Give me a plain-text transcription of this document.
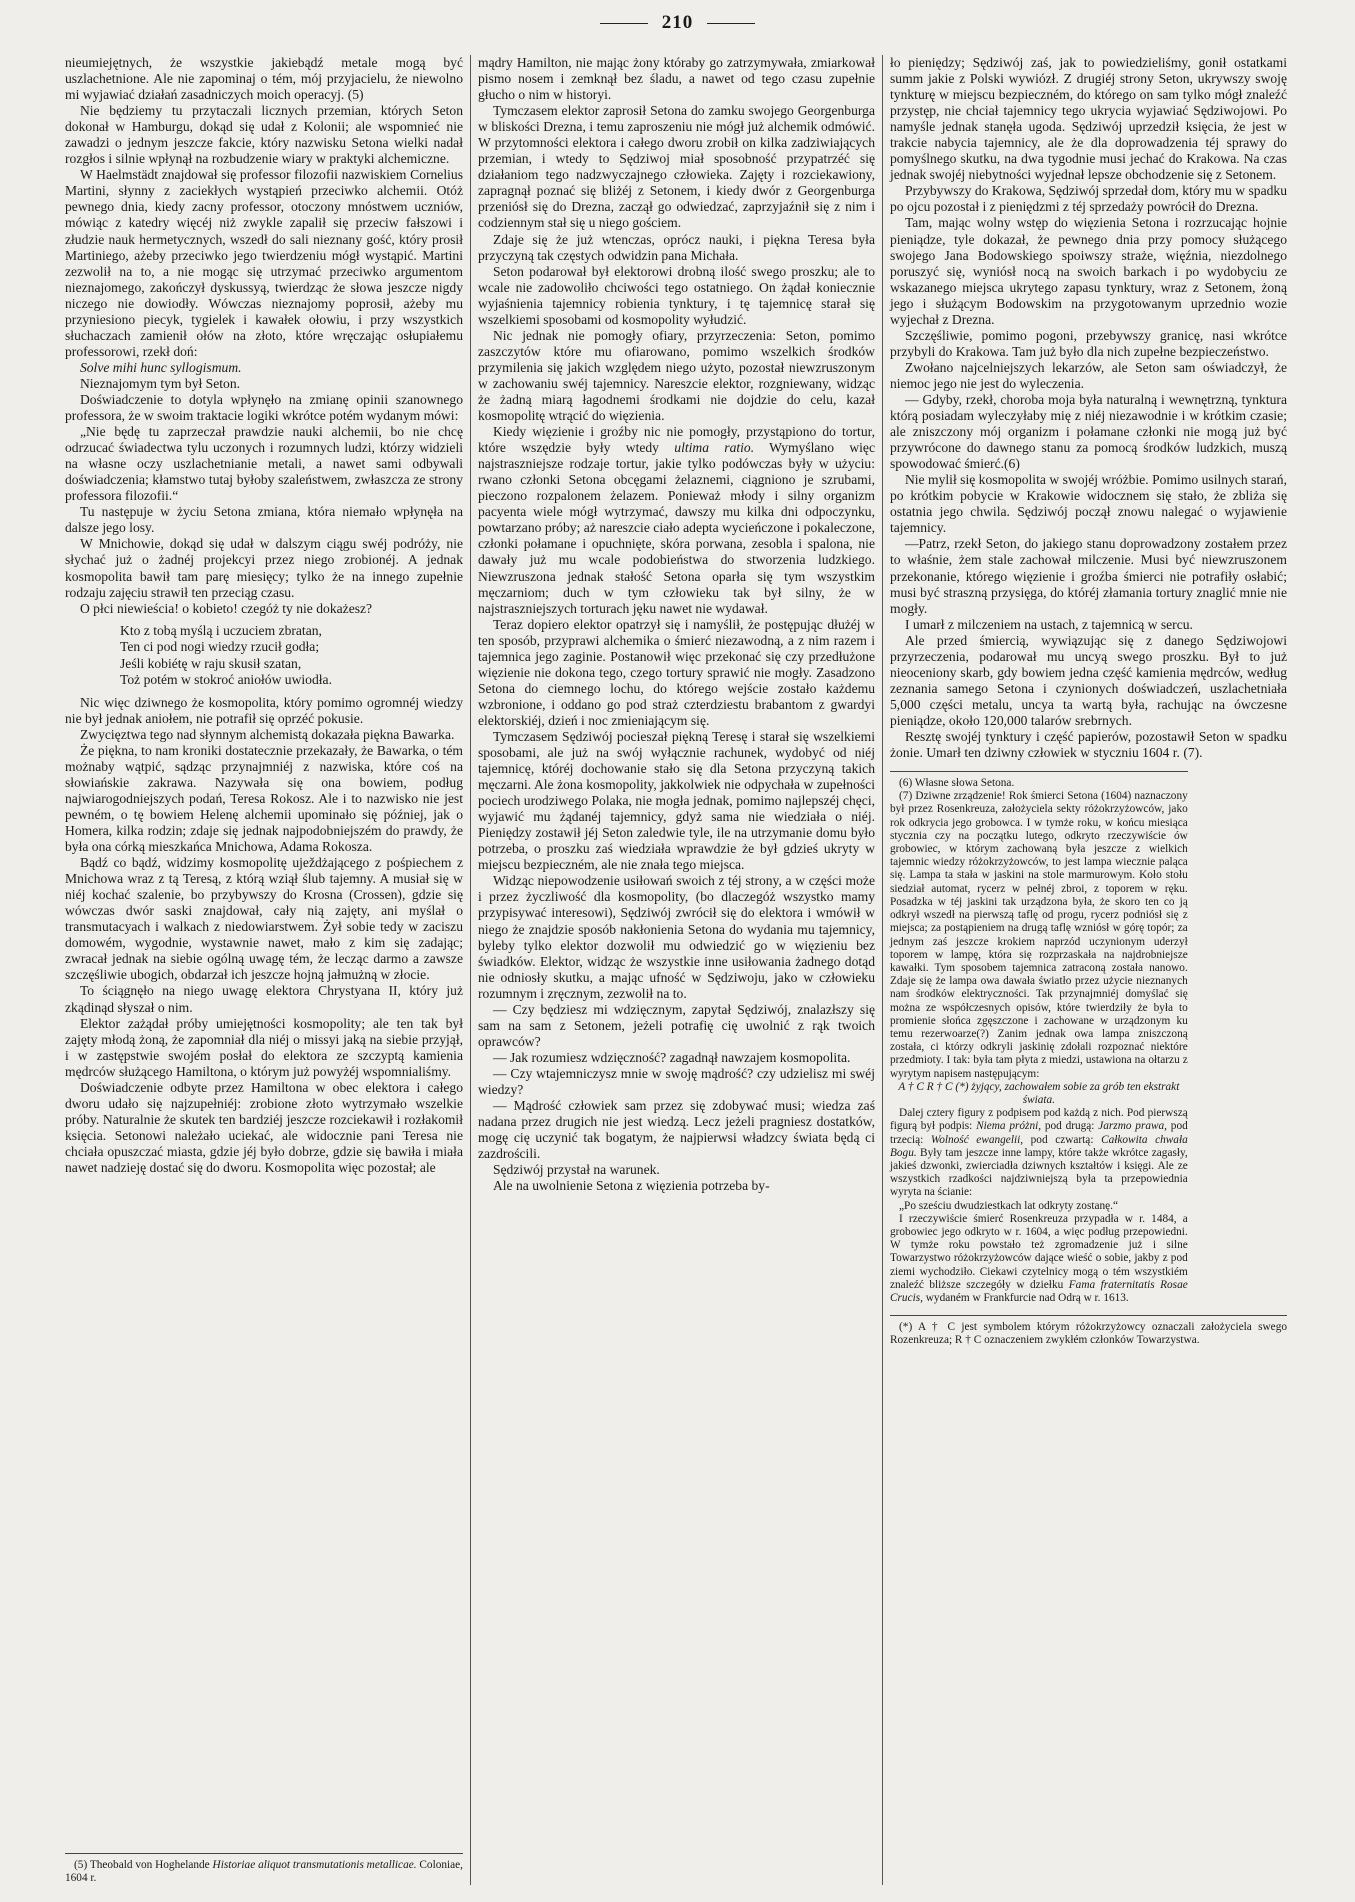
210

nieumiejętnych, że wszystkie jakiebądź metale mogą być uszlachetnione. Ale nie zapominaj o tém, mój przyjacielu, że niewolno mi wyjawiać działań zasadniczych moich operacyj. (5)

Nie będziemy tu przytaczali licznych przemian, których Seton dokonał w Hamburgu, dokąd się udał z Kolonii; ale wspomnieć nie zawadzi o jednym jeszcze fakcie, który nazwisku Setona wielki nadał rozgłos i silnie wpłynął na rozbudzenie wiary w praktyki alchemiczne.

W Haelmstädt znajdował się professor filozofii nazwiskiem Cornelius Martini, słynny z zaciekłych wystąpień przeciwko alchemii. Otóż pewnego dnia, kiedy zacny professor, otoczony mnóstwem uczniów, mówiąc z katedry więcéj niż zwykle zapalił się przeciw fałszowi i złudzie nauk hermetycznych, wszedł do sali nieznany gość, który prosił Martiniego, ażeby przeciwko jego twierdzeniu mógł wystąpić. Martini zezwolił na to, a nie mogąc się utrzymać przeciwko argumentom nieznajomego, zakończył dyskussyą, twierdząc że słowa jeszcze nigdy niczego nie dowiodły. Wówczas nieznajomy poprosił, ażeby mu przyniesiono piecyk, tygielek i kawałek ołowiu, i przy wszystkich słuchaczach zamienił ołów na złoto, które wręczając osłupiałemu professorowi, rzekł doń:

Solve mihi hunc syllogismum.

Nieznajomym tym był Seton.

Doświadczenie to dotyla wpłynęło na zmianę opinii szanownego professora, że w swoim traktacie logiki wkrótce potém wydanym mówi:

„Nie będę tu zaprzeczał prawdzie nauki alchemii, bo nie chcę odrzucać świadectwa tylu uczonych i rozumnych ludzi, którzy widzieli na własne oczy uszlachetnianie metali, a nawet sami odbywali doświadczenia; kłamstwo tutaj byłoby szaleństwem, zwłaszcza ze strony professora filozofii.“

Tu następuje w życiu Setona zmiana, która niemało wpłynęła na dalsze jego losy.

W Mnichowie, dokąd się udał w dalszym ciągu swéj podróży, nie słychać już o żadnéj projekcyi przez niego zrobionéj. A jednak kosmopolita bawił tam parę miesięcy; tylko że na innego zupełnie rodzaju zajęciu strawił ten przeciąg czasu.

O płci niewieścia! o kobieto! czegóż ty nie dokażesz?

Kto z tobą myślą i uczuciem zbratan,
Ten ci pod nogi wiedzy rzucił godła;
Jeśli kobiétę w raju skusił szatan,
Toż potém w stokroć aniołów uwiodła.

Nic więc dziwnego że kosmopolita, który pomimo ogromnéj wiedzy nie był jednak aniołem, nie potrafił się oprzéć pokusie.

Zwycięztwa tego nad słynnym alchemistą dokazała piękna Bawarka.

Że piękna, to nam kroniki dostatecznie przekazały, że Bawarka, o tém możnaby wątpić, sądząc przynajmniéj z nazwiska, które coś na słowiańskie zakrawa. Nazywała się ona bowiem, podług najwiarogodniejszych podań, Teresa Rokosz. Ale i to nazwisko nie jest pewném, o tę bowiem Helenę alchemii upominało się później, jak o Homera, kilka rodzin; zdaje się jednak najpodobniejszém do prawdy, że była ona córką mieszkańca Mnichowa, Adama Rokosza.

Bądź co bądź, widzimy kosmopolitę uježdżającego z pośpiechem z Mnichowa wraz z tą Teresą, z którą wziął ślub tajemny. A musiał się w niéj kochać szalenie, bo przybywszy do Krosna (Crossen), gdzie się wówczas dwór saski znajdował, cały nią zajęty, ani myślał o transmutacyach i walkach z niedowiarstwem. Żył sobie tedy w zaciszu domowém, wygodnie, wystawnie nawet, mało z kim się zadając; zwracał jednak na siebie ogólną uwagę tém, że lecząc darmo a zawsze szczęśliwie ubogich, obdarzał ich jeszcze hojną jałmużną w złocie.

To ściągnęło na niego uwagę elektora Chrystyana II, który już zkądinąd słyszał o nim.

Elektor zażądał próby umiejętności kosmopolity; ale ten tak był zajęty młodą żoną, że zapomniał dla niéj o missyi jaką na siebie przyjął, i w zastępstwie swojém posłał do elektora ze szczyptą kamienia mędrców służącego Hamiltona, o którym już powyżéj wspomnialiśmy.

Doświadczenie odbyte przez Hamiltona w obec elektora i całego dworu udało się najzupełniéj: zrobione złoto wytrzymało wszelkie próby. Naturalnie że skutek ten bardziéj jeszcze rozciekawił i rozłakomił księcia. Setonowi należało uciekać, ale widocznie pani Teresa nie chciała opuszczać miasta, gdzie jéj było dobrze, gdzie się bawiła i miała nawet nadzieję dostać się do dworu. Kosmopolita więc pozostał; ale

(5) Theobald von Hoghelande Historiae aliquot transmutationis metallicae. Coloniae, 1604 r.

mądry Hamilton, nie mając żony któraby go zatrzymywała, zmiarkował pismo nosem i zemknął bez śladu, a nawet od tego czasu zupełnie głucho o nim w historyi.

Tymczasem elektor zaprosił Setona do zamku swojego Georgenburga w bliskości Drezna, i temu zaproszeniu nie mógł już alchemik odmówić. W przytomności elektora i całego dworu zrobił on kilka zadziwiających przemian, i wtedy to Sędziwoj miał sposobność przypatrzéć się działaniom tego nadzwyczajnego człowieka. Zajęty i rozciekawiony, zapragnął poznać się bliżéj z Setonem, i kiedy dwór z Georgenburga przeniósł się do Drezna, zaczął go odwiedzać, zaprzyjaźnił się z nim i codziennym stał się u niego gościem.

Zdaje się że już wtenczas, oprócz nauki, i piękna Teresa była przyczyną tak częstych odwidzin pana Michała.

Seton podarował był elektorowi drobną ilość swego proszku; ale to wcale nie zadowoliło chciwości tego ostatniego. On żądał koniecznie wyjaśnienia tajemnicy robienia tynktury, i tę tajemnicę starał się wszelkiemi sposobami od kosmopolity wyłudzić.

Nic jednak nie pomogły ofiary, przyrzeczenia: Seton, pomimo zaszczytów które mu ofiarowano, pomimo wszelkich środków przymilenia się jakich względem niego użyto, pozostał niewzruszonym w zachowaniu swéj tajemnicy. Nareszcie elektor, rozgniewany, widząc że żadną miarą łagodnemi środkami nie dojdzie do celu, kazał kosmopolitę wtrącić do więzienia.

Kiedy więzienie i groźby nic nie pomogły, przystąpiono do tortur, które wszędzie były wtedy ultima ratio. Wymyślano więc najstraszniejsze rodzaje tortur, jakie tylko podówczas były w użyciu: rwano członki Setona obcęgami żelaznemi, ciągniono je szrubami, pieczono rozpalonem żelazem. Ponieważ młody i silny organizm pacyenta wiele mógł wytrzymać, dawszy mu kilka dni odpoczynku, powtarzano próby; aż nareszcie ciało adepta wycieńczone i pokaleczone, członki połamane i opuchnięte, skóra porwana, zesobla i spalona, nie dawały już mu wcale podobieństwa do stworzenia ludzkiego. Niewzruszona jednak stałość Setona oparła się tym wszystkim męczarniom; duch w tym człowieku tak był silny, że w najstraszniejszych torturach jęku nawet nie wydawał.

Teraz dopiero elektor opatrzył się i namyślił, że postępując dłużéj w ten sposób, przyprawi alchemika o śmierć niezawodną, a z nim razem i tajemnica jego zaginie. Postanowił więc przekonać się czy przedłużone więzienie nie dokona tego, czego tortury sprawić nie mogły. Zasadzono Setona do ciemnego lochu, do którego wejście zostało każdemu wzbronione, i oddano go pod straż czterdziestu brabantom z gwardyi elektorskiéj, dzień i noc zmieniającym się.

Tymczasem Sędziwój pocieszał piękną Teresę i starał się wszelkiemi sposobami, ale już na swój wyłącznie rachunek, wydobyć od niéj tajemnicę, któréj dochowanie stało się dla Setona przyczyną takich męczarni. Ale żona kosmopolity, jakkolwiek nie odpychała w zupełności pociech urodziwego Polaka, nie mogła jednak, pomimo najlepszéj chęci, wyjawić mu żądanéj tajemnicy, gdyż sama nie wiedziała o niéj. Pieniędzy zostawił jéj Seton zaledwie tyle, ile na utrzymanie domu było potrzeba, o proszku zaś wiedziała wprawdzie że był gdzieś ukryty w miejscu bezpieczném, ale nie znała tego miejsca.

Widząc niepowodzenie usiłowań swoich z téj strony, a w części może i przez życzliwość dla kosmopolity, (bo dlaczegóż wszystko mamy przypisywać interesowi), Sędziwój zwrócił się do elektora i wmówił w niego że znajdzie sposób nakłonienia Setona do wydania mu tajemnicy, byleby tylko elektor dozwolił mu odwiedzić go w więzieniu bez świadków. Elektor, widząc że wszystkie inne usiłowania żadnego dotąd nie odniosły skutku, a mając ufność w Sędziwoju, jako w człowieku rozumnym i zręcznym, zezwolił na to.

— Czy będziesz mi wdzięcznym, zapytał Sędziwój, znalazłszy się sam na sam z Setonem, jeżeli potrafię cię uwolnić z rąk twoich oprawców?

— Jak rozumiesz wdzięczność? zagadnął nawzajem kosmopolita.

— Czy wtajemniczysz mnie w swoję mądrość? czy udzielisz mi swéj wiedzy?

— Mądrość człowiek sam przez się zdobywać musi; wiedza zaś nadana przez drugich nie jest wiedzą. Lecz jeżeli pragniesz dostatków, mogę cię uczynić tak bogatym, że najpierwsi władzcy świata będą ci zazdrościli.

Sędziwój przystał na warunek.

Ale na uwolnienie Setona z więzienia potrzeba by-

ło pieniędzy; Sędziwój zaś, jak to powiedzieliśmy, gonił ostatkami summ jakie z Polski wywiózł. Z drugiéj strony Seton, ukrywszy swoję tynkturę w miejscu bezpieczném, do którego on sam tylko mógł znaleźć przystęp, nie chciał tajemnicy tego ukrycia wyjawiać Sędziwojowi. Po namyśle jednak stanęła ugoda. Sędziwój uprzedził księcia, że jest w trakcie nabycia tajemnicy, ale że dla doprowadzenia téj sprawy do pomyślnego skutku, na dwa tygodnie musi jechać do Krakowa. Na czas jednak swojéj niebytności wyjednał lepsze obchodzenie się z Setonem.

Przybywszy do Krakowa, Sędziwój sprzedał dom, który mu w spadku po ojcu pozostał i z pieniędzmi z téj sprzedaży powrócił do Drezna.

Tam, mając wolny wstęp do więzienia Setona i rozrzucając hojnie pieniądze, tyle dokazał, że pewnego dnia przy pomocy służącego swojego Jana Bodowskiego spoiwszy straże, więźnia, niezdolnego poruszyć się, wyniósł nocą na swoich barkach i po wydobyciu ze wskazanego miejsca ukrytego zapasu tynktury, wraz z Setonem, żoną jego i służącym Bodowskim na przygotowanym uprzednio wozie wyjechał z Drezna.

Szczęśliwie, pomimo pogoni, przebywszy granicę, nasi wkrótce przybyli do Krakowa. Tam już było dla nich zupełne bezpieczeństwo.

Zwołano najcelniejszych lekarzów, ale Seton sam oświadczył, że niemoc jego nie jest do wyleczenia.

— Gdyby, rzekł, choroba moja była naturalną i wewnętrzną, tynktura którą posiadam wyleczyłaby mię z niéj niezawodnie i w krótkim czasie; ale zniszczony mój organizm i połamane członki nie mogą już być przywrócone do dawnego stanu za pomocą środków ludzkich, muszą spowodować śmierć.(6)

Nie mylił się kosmopolita w swojéj wróżbie. Pomimo usilnych starań, po krótkim pobycie w Krakowie widocznem się stało, że zbliża się ostatnia jego chwila. Sędziwój począł znowu nalegać o wyjawienie tajemnicy.

—Patrz, rzekł Seton, do jakiego stanu doprowadzony zostałem przez to właśnie, żem stale zachował milczenie. Musi być niewzruszonem przekonanie, którego więzienie i groźba śmierci nie potrafiły osłabić; musi być straszną przysięga, do któréj złamania tortury znaglić mnie nie mogły.

I umarł z milczeniem na ustach, z tajemnicą w sercu.

Ale przed śmiercią, wywiązując się z danego Sędziwojowi przyrzeczenia, podarował mu uncyą swego proszku. Był to już nieoceniony skarb, gdy bowiem jedna część kamienia mędrców, według zeznania samego Setona i czynionych doświadczeń, uszlachetniała 5,000 części metalu, uncya ta wartą była, rachując na ówczesne pieniądze, około 120,000 talarów srebrnych.

Resztę swojéj tynktury i część papierów, pozostawił Seton w spadku żonie. Umarł ten dziwny człowiek w styczniu 1604 r. (7).

(6) Własne słowa Setona.

(7) Dziwne zrządzenie! Rok śmierci Setona (1604) naznaczony był przez Rosenkreuza, założyciela sekty różokrzyżowców, jako rok odkrycia jego grobowca. I w tymże roku, w końcu miesiąca stycznia czy na początku lutego, odkryto rzeczywiście ów grobowiec, w którym zachowaną była jeszcze z wielkich tajemnic wiedzy różokrzyżowców, to jest lampa wiecznie paląca się. Lampa ta stała w jaskini na stole marmurowym. Koło stołu siedział automat, rycerz w pełnéj zbroi, z toporem w ręku. Posadzka w téj jaskini tak urządzona była, że skoro ten co ją odkrył wszedł na pierwszą taflę od progu, rycerz podniósł się z miejsca; za postąpieniem na drugą taflę wzniósł w górę topór; za jednym zaś jeszcze krokiem naprzód uczynionym uderzył toporem w lampę, która się rozprzaskała na najdrobniejsze kawałki. Tym sposobem tajemnica zatraconą została nanowo. Zdaje się że lampa owa dawała światło przez użycie nieznanych nam środków elektryczności. Tak przynajmniéj domyślać się można ze współczesnych opisów, które twierdziły że była to promienie słońca zgęszczone i zachowane w urządzonym ku temu rezerwoarze(?) Zanim jednak owa lampa zniszczoną została, ci którzy odkryli jaskinię zdołali rozpoznać niektóre przedmioty. I tak: była tam płyta z miedzi, ustawiona na ołtarzu z wyrytym napisem następującym:

A † C R † C (*) żyjący, zachowałem sobie za grób ten ekstrakt świata.

Dalej cztery figury z podpisem pod każdą z nich. Pod pierwszą figurą był podpis: Niema próżni, pod drugą: Jarzmo prawa, pod trzecią: Wolność ewangelii, pod czwartą: Całkowita chwała Bogu. Były tam jeszcze inne lampy, które także wkrótce zagasły, jakieś dzwonki, zwierciadła dziwnych kształtów i księgi. Ale ze wszystkich rzadkości najdziwniejszą była ta przepowiednia wyryta na ścianie:

„Po sześciu dwudziestkach lat odkryty zostanę.“

I rzeczywiście śmierć Rosenkreuza przypadła w r. 1484, a grobowiec jego odkryto w r. 1604, a więc podług przepowiedni. W tymże roku powstało też zgromadzenie już i silne Towarzystwo różokrzyżowców dające wieść o sobie, jakby z pod ziemi wychodziło. Ciekawi czytelnicy mogą o tém wszystkiém znaleźć bliższe szczegóły w dziełku Fama fraternitatis Rosae Crucis, wydaném w Frankfurcie nad Odrą w r. 1613.

(*) A † C jest symbolem którym różokrzyżowcy oznaczali założyciela swego Rozenkreuza; R † C oznaczeniem zwykłém członków Towarzystwa.
